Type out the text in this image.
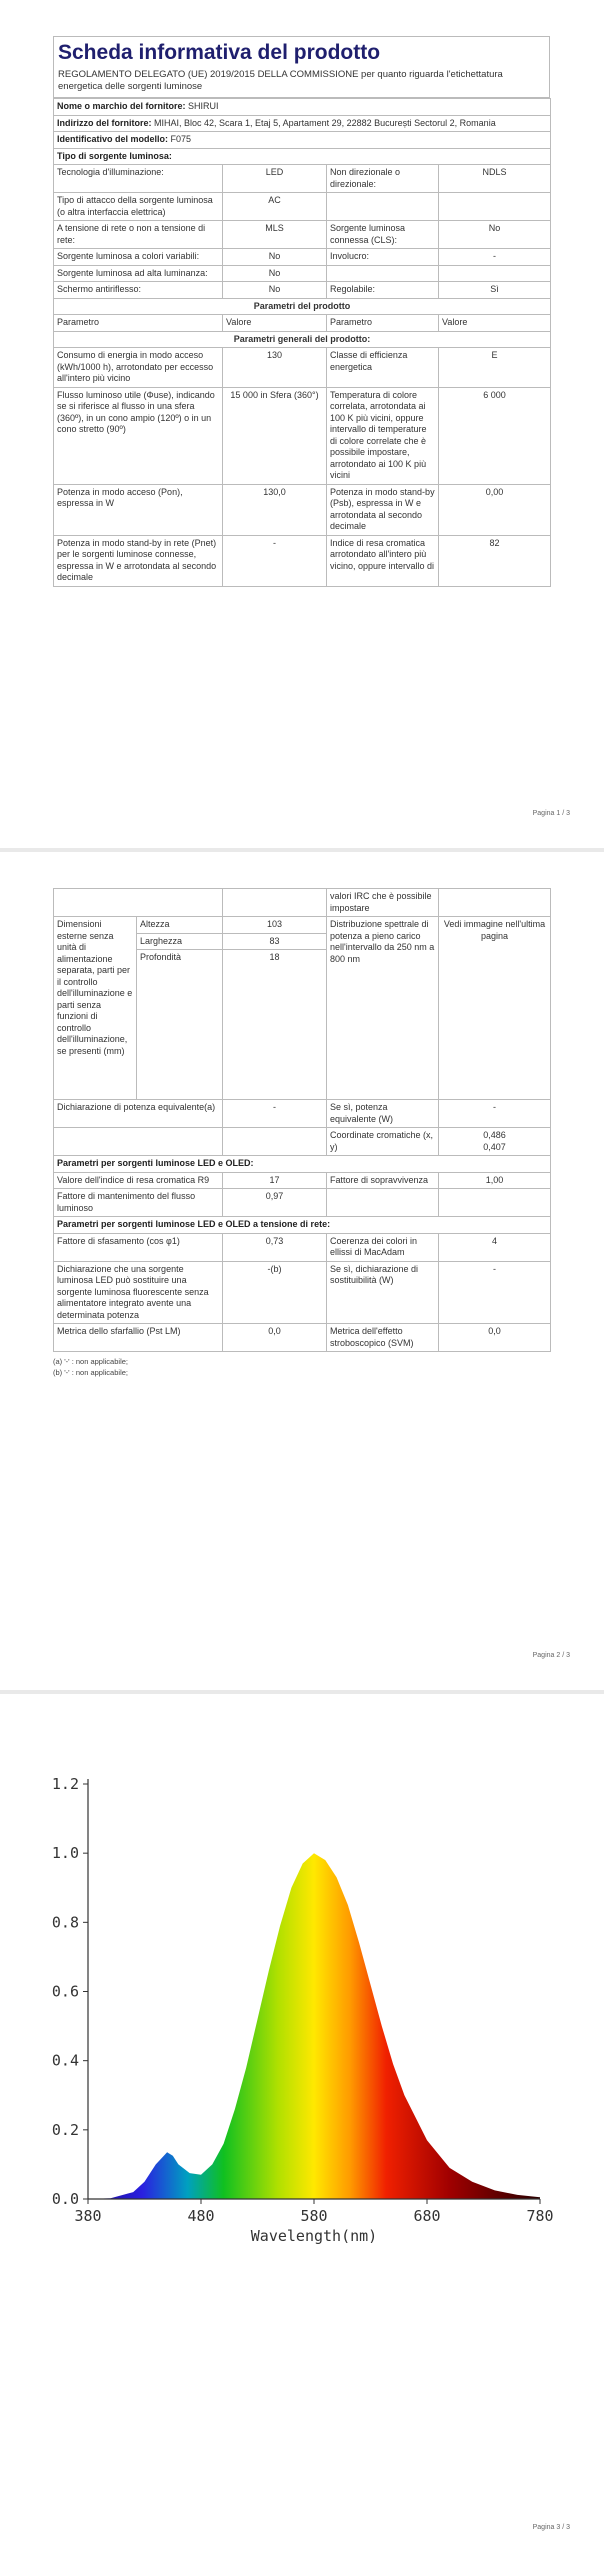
Scheda informativa del prodotto
REGOLAMENTO DELEGATO (UE) 2019/2015 DELLA COMMISSIONE per quanto riguarda l'etichettatura energetica delle sorgenti luminose
Nome o marchio del fornitore: SHIRUI			
Indirizzo del fornitore: MIHAI, Bloc 42, Scara 1, Etaj 5, Apartament 29, 22882 București Sectorul 2, Romania			
Identificativo del modello: F075			
Tipo di sorgente luminosa:			
Tecnologia d'illuminazione:	LED	Non direzionale o direzionale:	NDLS
Tipo di attacco della sorgente luminosa
(o altra interfaccia elettrica)	AC		
A tensione di rete o non a tensione di rete:	MLS	Sorgente luminosa connessa (CLS):	No
Sorgente luminosa a colori variabili:	No	Involucro:	-
Sorgente luminosa ad alta luminanza:	No		
Schermo antiriflesso:	No	Regolabile:	Sì
Parametri del prodotto			
Parametro	Valore	Parametro	Valore
Parametri generali del prodotto:			
Consumo di energia in modo acceso (kWh/1000 h), arrotondato per eccesso all'intero più vicino	130	Classe di efficienza energetica	E
Flusso luminoso utile (Φuse), indicando se si riferisce al flusso in una sfera (360º), in un cono ampio (120º) o in un cono stretto (90º)	15 000 in Sfera (360°)	Temperatura di colore correlata, arrotondata ai 100 K più vicini, oppure intervallo di temperature di colore correlate che è possibile impostare, arrotondato ai 100 K più vicini	6 000
Potenza in modo acceso (Pon), espressa in W	130,0	Potenza in modo stand-by (Psb), espressa in W e arrotondata al secondo decimale	0,00
Potenza in modo stand-by in rete (Pnet) per le sorgenti luminose connesse, espressa in W e arrotondata al secondo decimale	-	Indice di resa cromatica arrotondato all'intero più vicino, oppure intervallo di	82
Pagina 1 / 3
			valori IRC che è possibile impostare	
Dimensioni esterne senza unità di alimentazione separata, parti per il controllo dell'illuminazione e parti senza funzioni di controllo dell'illuminazione, se presenti (mm)	Altezza	103	Distribuzione spettrale di potenza a pieno carico nell'intervallo da 250 nm a 800 nm	Vedi immagine nell'ultima pagina
	Larghezza	83		
	Profondità	18		
Dichiarazione di potenza equivalente(a)		-	Se sì, potenza equivalente (W)	-
			Coordinate cromatiche (x, y)	0,486
0,407
Parametri per sorgenti luminose LED e OLED:				
Valore dell'indice di resa cromatica R9		17	Fattore di sopravvivenza	1,00
Fattore di mantenimento del flusso luminoso		0,97		
Parametri per sorgenti luminose LED e OLED a tensione di rete:				
Fattore di sfasamento (cos φ1)		0,73	Coerenza dei colori in ellissi di MacAdam	4
Dichiarazione che una sorgente luminosa LED può sostituire una sorgente luminosa fluorescente senza alimentatore integrato avente una determinata potenza		-(b)	Se sì, dichiarazione di sostituibilità (W)	-
Metrica dello sfarfallio (Pst LM)		0,0	Metrica dell'effetto stroboscopico (SVM)	0,0
(a) '-' : non applicabile;
(b) '-' : non applicabile;
Pagina 2 / 3
0.0
0.2
0.4
0.6
0.8
1.0
1.2
380	480	580	680	780
Wavelength(nm)
Pagina 3 / 3
